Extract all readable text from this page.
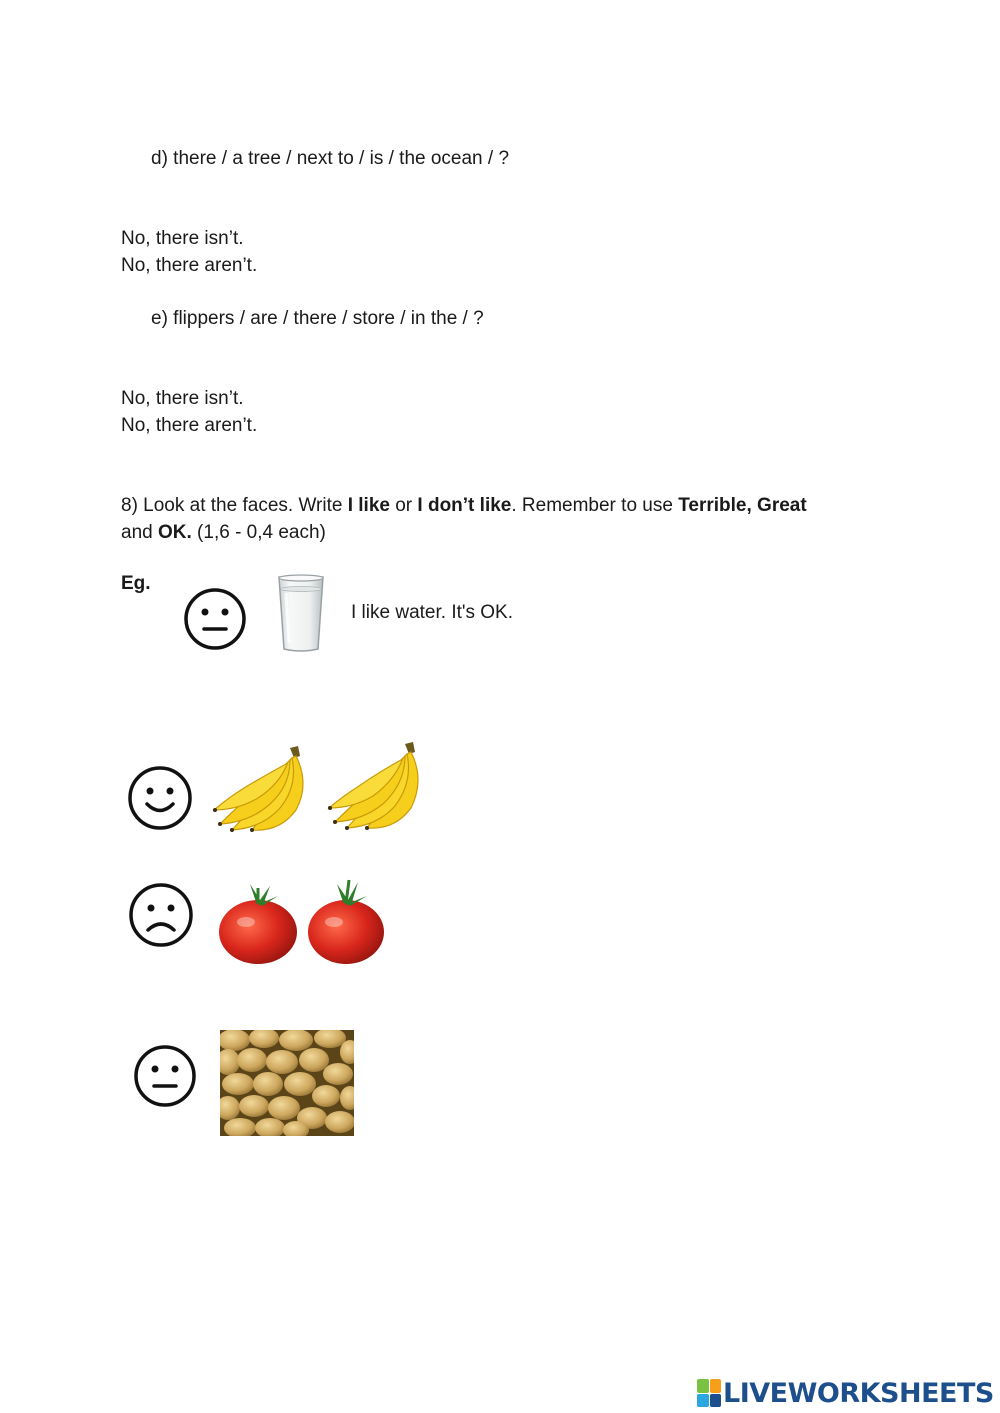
d) there / a tree / next to / is / the ocean / ?
No, there isn’t.
No, there aren’t.
e) flippers / are / there / store / in the / ?
No, there isn’t.
No, there aren’t.
8) Look at the faces. Write I like or I don’t like. Remember to use Terrible, Great
and OK. (1,6 - 0,4 each)
Eg.
I like water. It's OK.
LIVEWORKSHEETS
